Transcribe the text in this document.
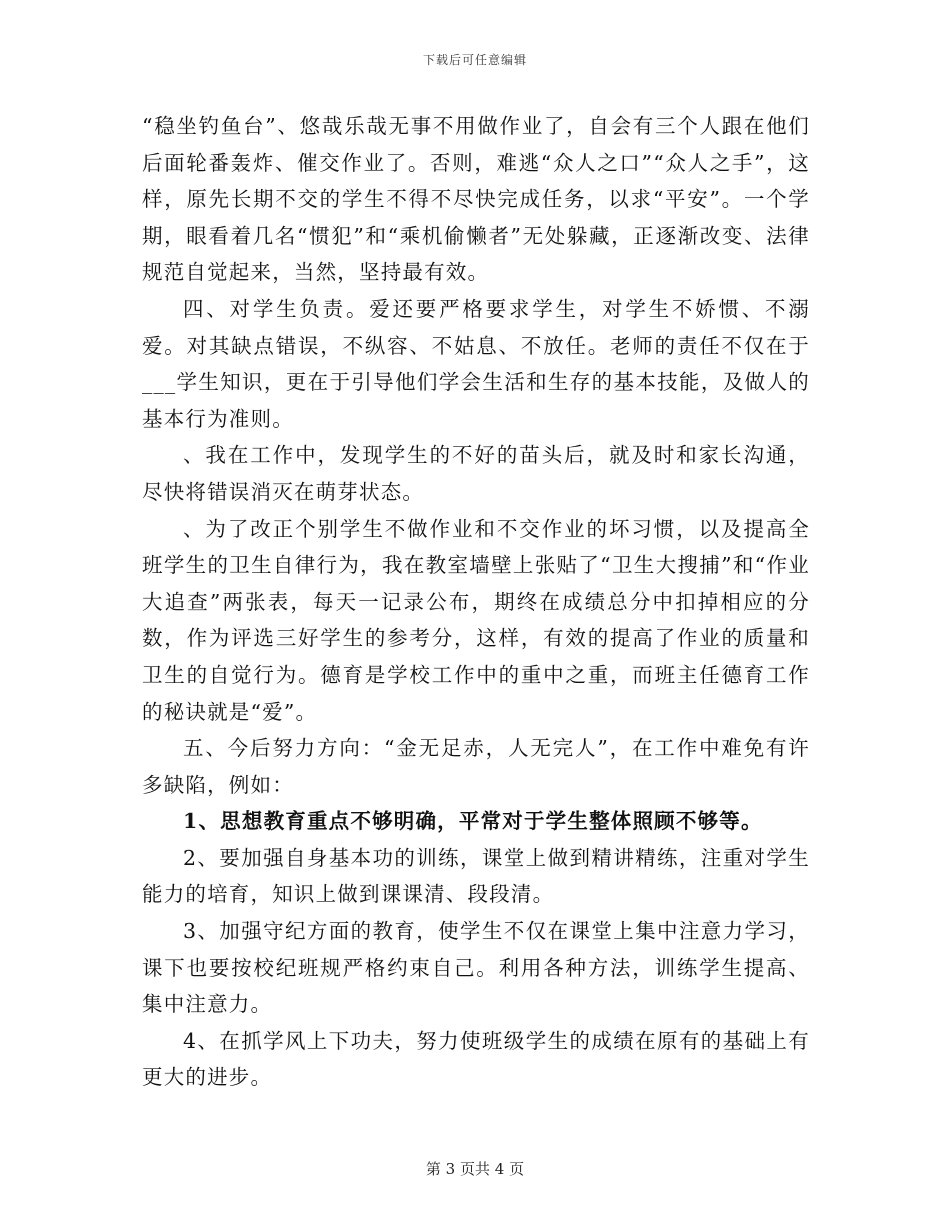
下载后可任意编辑

“稳坐钓鱼台”、悠哉乐哉无事不用做作业了，自会有三个人跟在他们后面轮番轰炸、催交作业了。否则，难逃“众人之口”“众人之手”，这样，原先长期不交的学生不得不尽快完成任务，以求“平安”。一个学期，眼看着几名“惯犯”和“乘机偷懒者”无处躲藏，正逐渐改变、法律规范自觉起来，当然，坚持最有效。

四、对学生负责。爱还要严格要求学生，对学生不娇惯、不溺爱。对其缺点错误，不纵容、不姑息、不放任。老师的责任不仅在于___学生知识，更在于引导他们学会生活和生存的基本技能，及做人的基本行为准则。

、我在工作中，发现学生的不好的苗头后，就及时和家长沟通，尽快将错误消灭在萌芽状态。

、为了改正个别学生不做作业和不交作业的坏习惯，以及提高全班学生的卫生自律行为，我在教室墙壁上张贴了“卫生大搜捕”和“作业大追查”两张表，每天一记录公布，期终在成绩总分中扣掉相应的分数，作为评选三好学生的参考分，这样，有效的提高了作业的质量和卫生的自觉行为。德育是学校工作中的重中之重，而班主任德育工作的秘诀就是“爱”。

五、今后努力方向：“金无足赤，人无完人”，在工作中难免有许多缺陷，例如：

1、思想教育重点不够明确，平常对于学生整体照顾不够等。

2、要加强自身基本功的训练，课堂上做到精讲精练，注重对学生能力的培育，知识上做到课课清、段段清。

3、加强守纪方面的教育，使学生不仅在课堂上集中注意力学习，课下也要按校纪班规严格约束自己。利用各种方法，训练学生提高、集中注意力。

4、在抓学风上下功夫，努力使班级学生的成绩在原有的基础上有更大的进步。

第 3 页共 4 页
